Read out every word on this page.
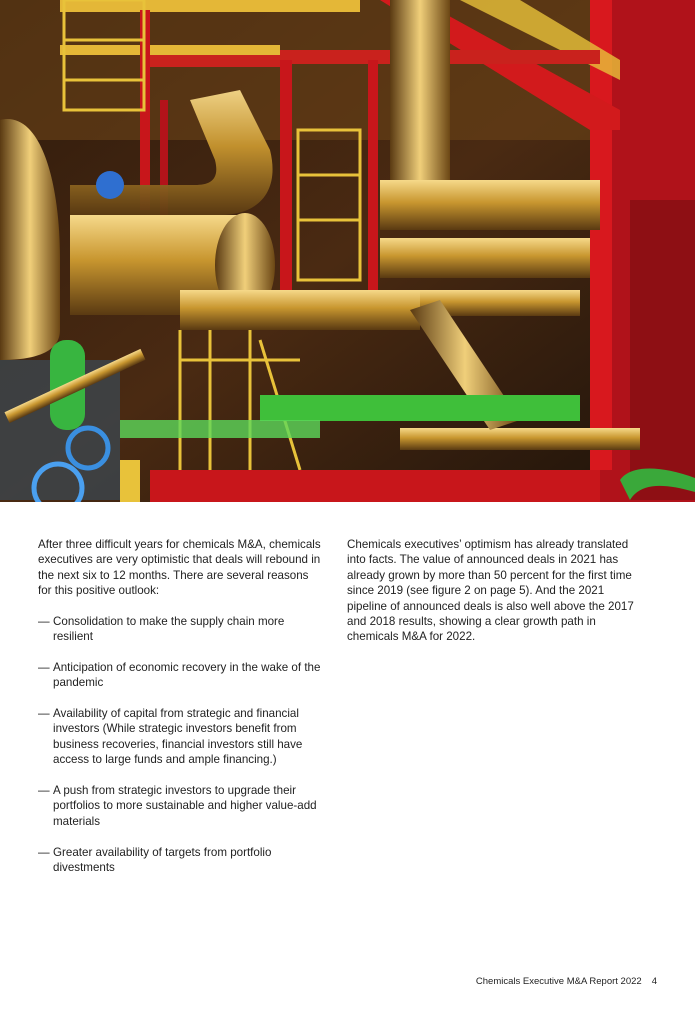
After three difficult years for chemicals M&A, chemicals executives are very optimistic that deals will rebound in the next six to 12 months. There are several reasons for this positive outlook:

— Consolidation to make the supply chain more resilient
— Anticipation of economic recovery in the wake of the pandemic
— Availability of capital from strategic and financial investors (While strategic investors benefit from business recoveries, financial investors still have access to large funds and ample financing.)
— A push from strategic investors to upgrade their portfolios to more sustainable and higher value-add materials
— Greater availability of targets from portfolio divestments

Chemicals executives’ optimism has already translated into facts. The value of announced deals in 2021 has already grown by more than 50 percent for the first time since 2019 (see figure 2 on page 5). And the 2021 pipeline of announced deals is also well above the 2017 and 2018 results, showing a clear growth path in chemicals M&A for 2022.

Chemicals Executive M&A Report 2022 4
